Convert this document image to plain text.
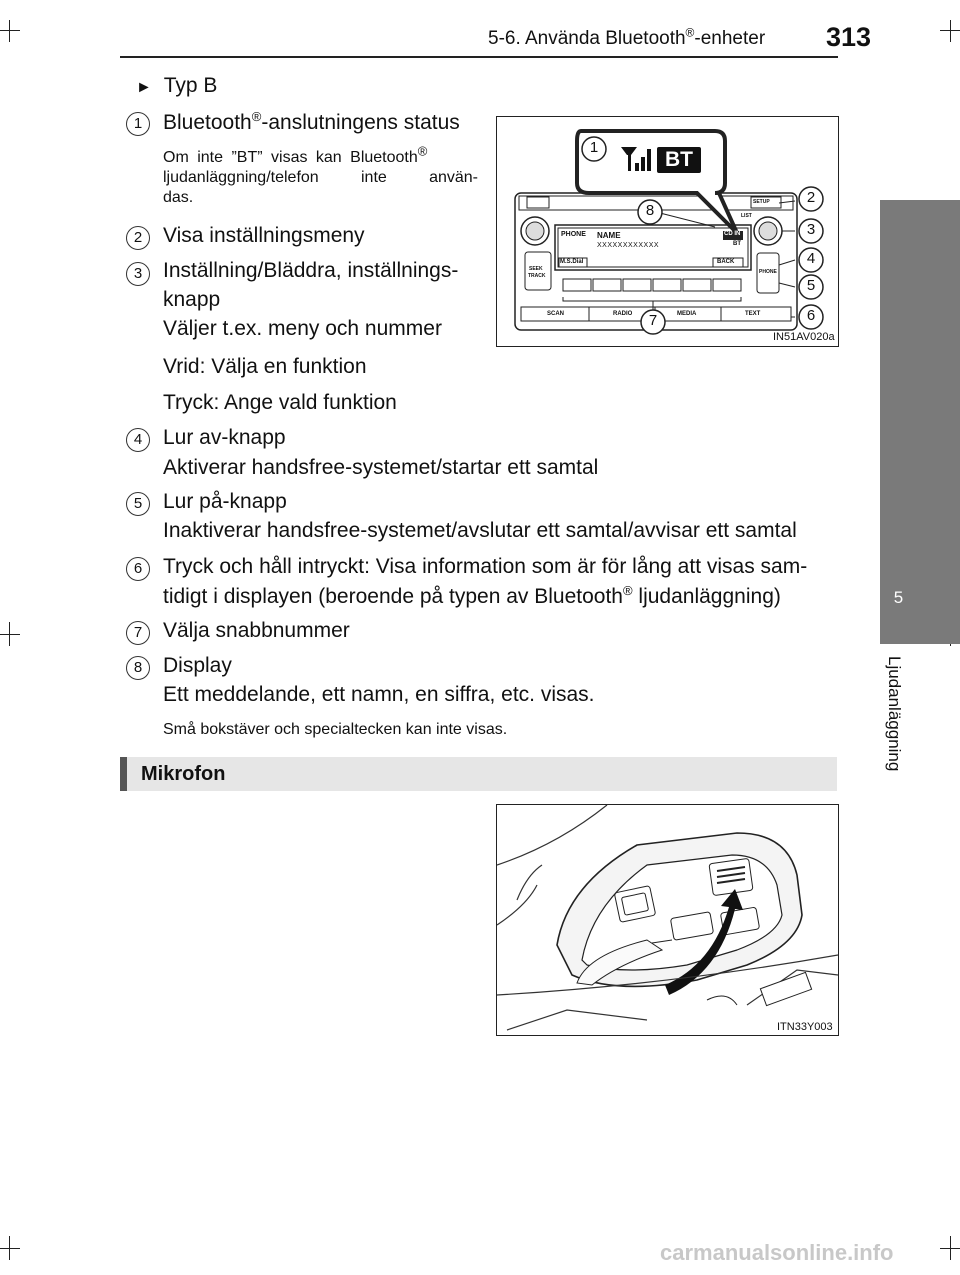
5-6. Använda Bluetooth®-enheter 313
5
Ljudanläggning
► Typ B
1 Bluetooth®-anslutningens status
Om inte ”BT” visas kan Bluetooth®
ljudanläggning/telefon inte använ-
das.
2 Visa inställningsmeny
3 Inställning/Bläddra, inställnings-
knapp
Väljer t.ex. meny och nummer
Vrid: Välja en funktion
Tryck: Ange vald funktion
4 Lur av-knapp
Aktiverar handsfree-systemet/startar ett samtal
5 Lur på-knapp
Inaktiverar handsfree-systemet/avslutar ett samtal/avvisar ett samtal
6 Tryck och håll intryckt: Visa information som är för lång att visas sam-
tidigt i displayen (beroende på typen av Bluetooth® ljudanläggning)
7 Välja snabbnummer
8 Display
Ett meddelande, ett namn, en siffra, etc. visas.
Små bokstäver och specialtecken kan inte visas.
Mikrofon
1
2
3
4
5
6
7
8
BT
PHONE NAME
XXXXXXXXXXXX
CD IN
BT
BACK
M.S.Dial
SETUP
LIST
SEEK
TRACK
PHONE
SCAN	RADIO	MEDIA	TEXT
IN51AV020a
ITN33Y003
carmanualsonline.info
